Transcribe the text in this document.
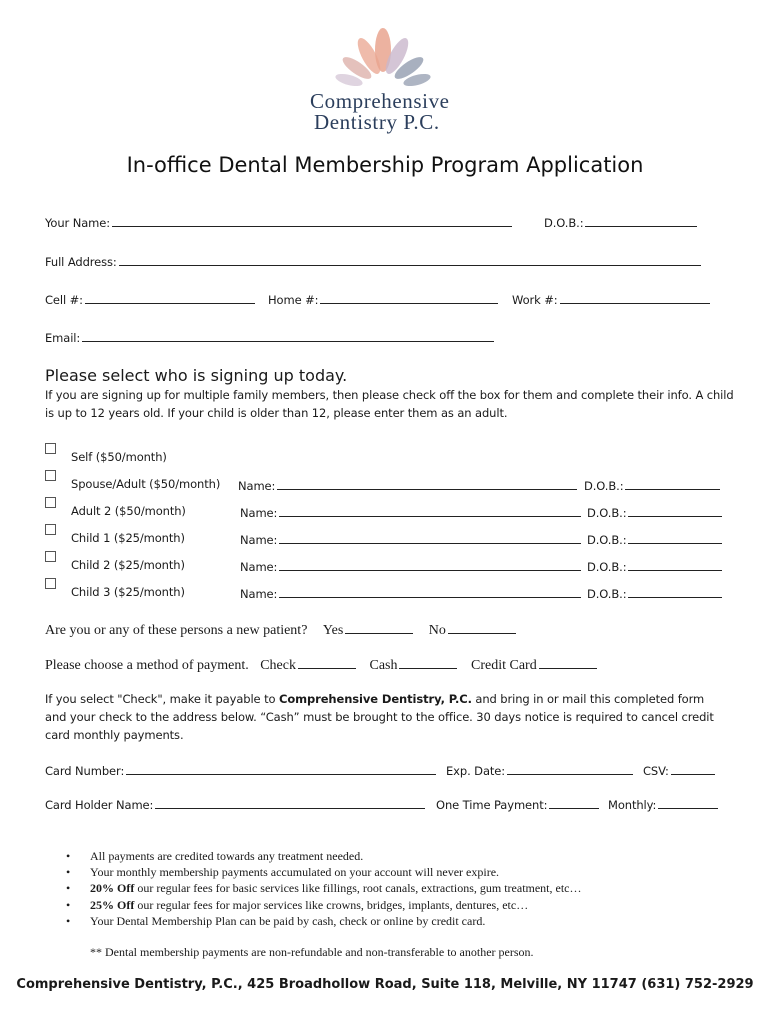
Comprehensive
Dentistry P.C.
In-office Dental Membership Program Application
Your Name:	D.O.B.:
Full Address:
Cell #:	Home #:	Work #:
Email:
Please select who is signing up today.
If you are signing up for multiple family members, then please check off the box for them and complete their info. A child is up to 12 years old. If your child is older than 12, please enter them as an adult.
Self ($50/month)
Spouse/Adult ($50/month) Name:	D.O.B.:
Adult 2 ($50/month)	Name:	D.O.B.:
Child 1 ($25/month)	Name:	D.O.B.:
Child 2 ($25/month)	Name:	D.O.B.:
Child 3 ($25/month)	Name:	D.O.B.:
Are you or any of these persons a new patient? Yes	No
Please choose a method of payment. Check	Cash	Credit Card
If you select "Check", make it payable to Comprehensive Dentistry, P.C. and bring in or mail this completed form and your check to the address below. “Cash” must be brought to the office. 30 days notice is required to cancel credit card monthly payments.
Card Number:	Exp. Date:	CSV:
Card Holder Name:	One Time Payment:	Monthly:
• All payments are credited towards any treatment needed.
• Your monthly membership payments accumulated on your account will never expire.
• 20% Off our regular fees for basic services like fillings, root canals, extractions, gum treatment, etc…
• 25% Off our regular fees for major services like crowns, bridges, implants, dentures, etc…
• Your Dental Membership Plan can be paid by cash, check or online by credit card.
** Dental membership payments are non-refundable and non-transferable to another person.
Comprehensive Dentistry, P.C., 425 Broadhollow Road, Suite 118, Melville, NY 11747 (631) 752-2929
